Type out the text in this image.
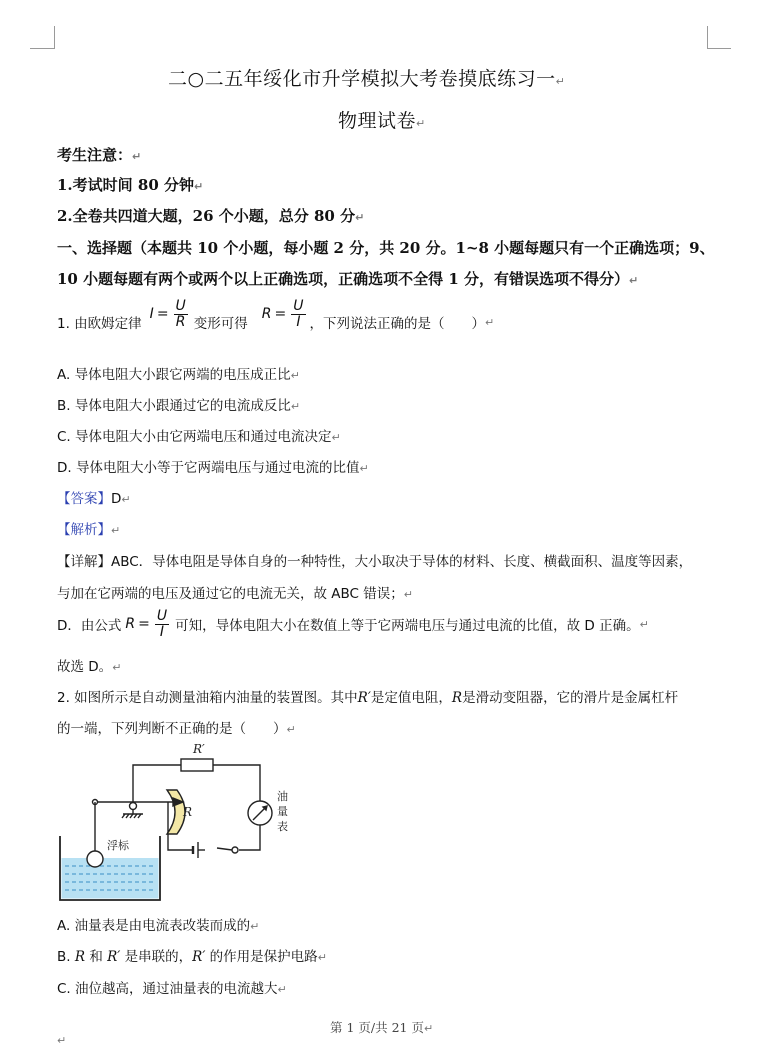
二○二五年绥化市升学模拟大考卷摸底练习一↵
物理试卷↵
考生注意：↵
1.考试时间 80 分钟↵
2.全卷共四道大题，26 个小题，总分 80 分↵
一、选择题（本题共 10 个小题，每小题 2 分，共 20 分。1~8 小题每题只有一个正确选项；9、
10 小题每题有两个或两个以上正确选项，正确选项不全得 1 分，有错误选项不得分）↵
1. 由欧姆定律
$I = \frac{U}{R}$ 变形可得
$R = \frac{U}{I}$ ，下列说法正确的是（　　） ↵
A. 导体电阻大小跟它两端的电压成正比↵
B. 导体电阻大小跟通过它的电流成反比↵
C. 导体电阻大小由它两端电压和通过电流决定↵
D. 导体电阻大小等于它两端电压与通过电流的比值↵
【答案】D↵
【解析】↵
【详解】ABC．导体电阻是导体自身的一种特性，大小取决于导体的材料、长度、横截面积、温度等因素，
与加在它两端的电压及通过它的电流无关，故 ABC 错误；↵
D．由公式 $R = \frac{U}{I}$ 可知，导体电阻大小在数值上等于它两端电压与通过电流的比值，故 D 正确。 ↵
故选 D。↵
2. 如图所示是自动测量油箱内油量的装置图。其中R′是定值电阻，R是滑动变阻器，它的滑片是金属杠杆
的一端，下列判断不正确的是（　　）↵
R′
R
浮标
油
量
表
A. 油量表是由电流表改装而成的↵
B. R 和 R′ 是串联的，R′ 的作用是保护电路↵
C. 油位越高，通过油量表的电流越大↵
第 1 页/共 21 页↵
↵
